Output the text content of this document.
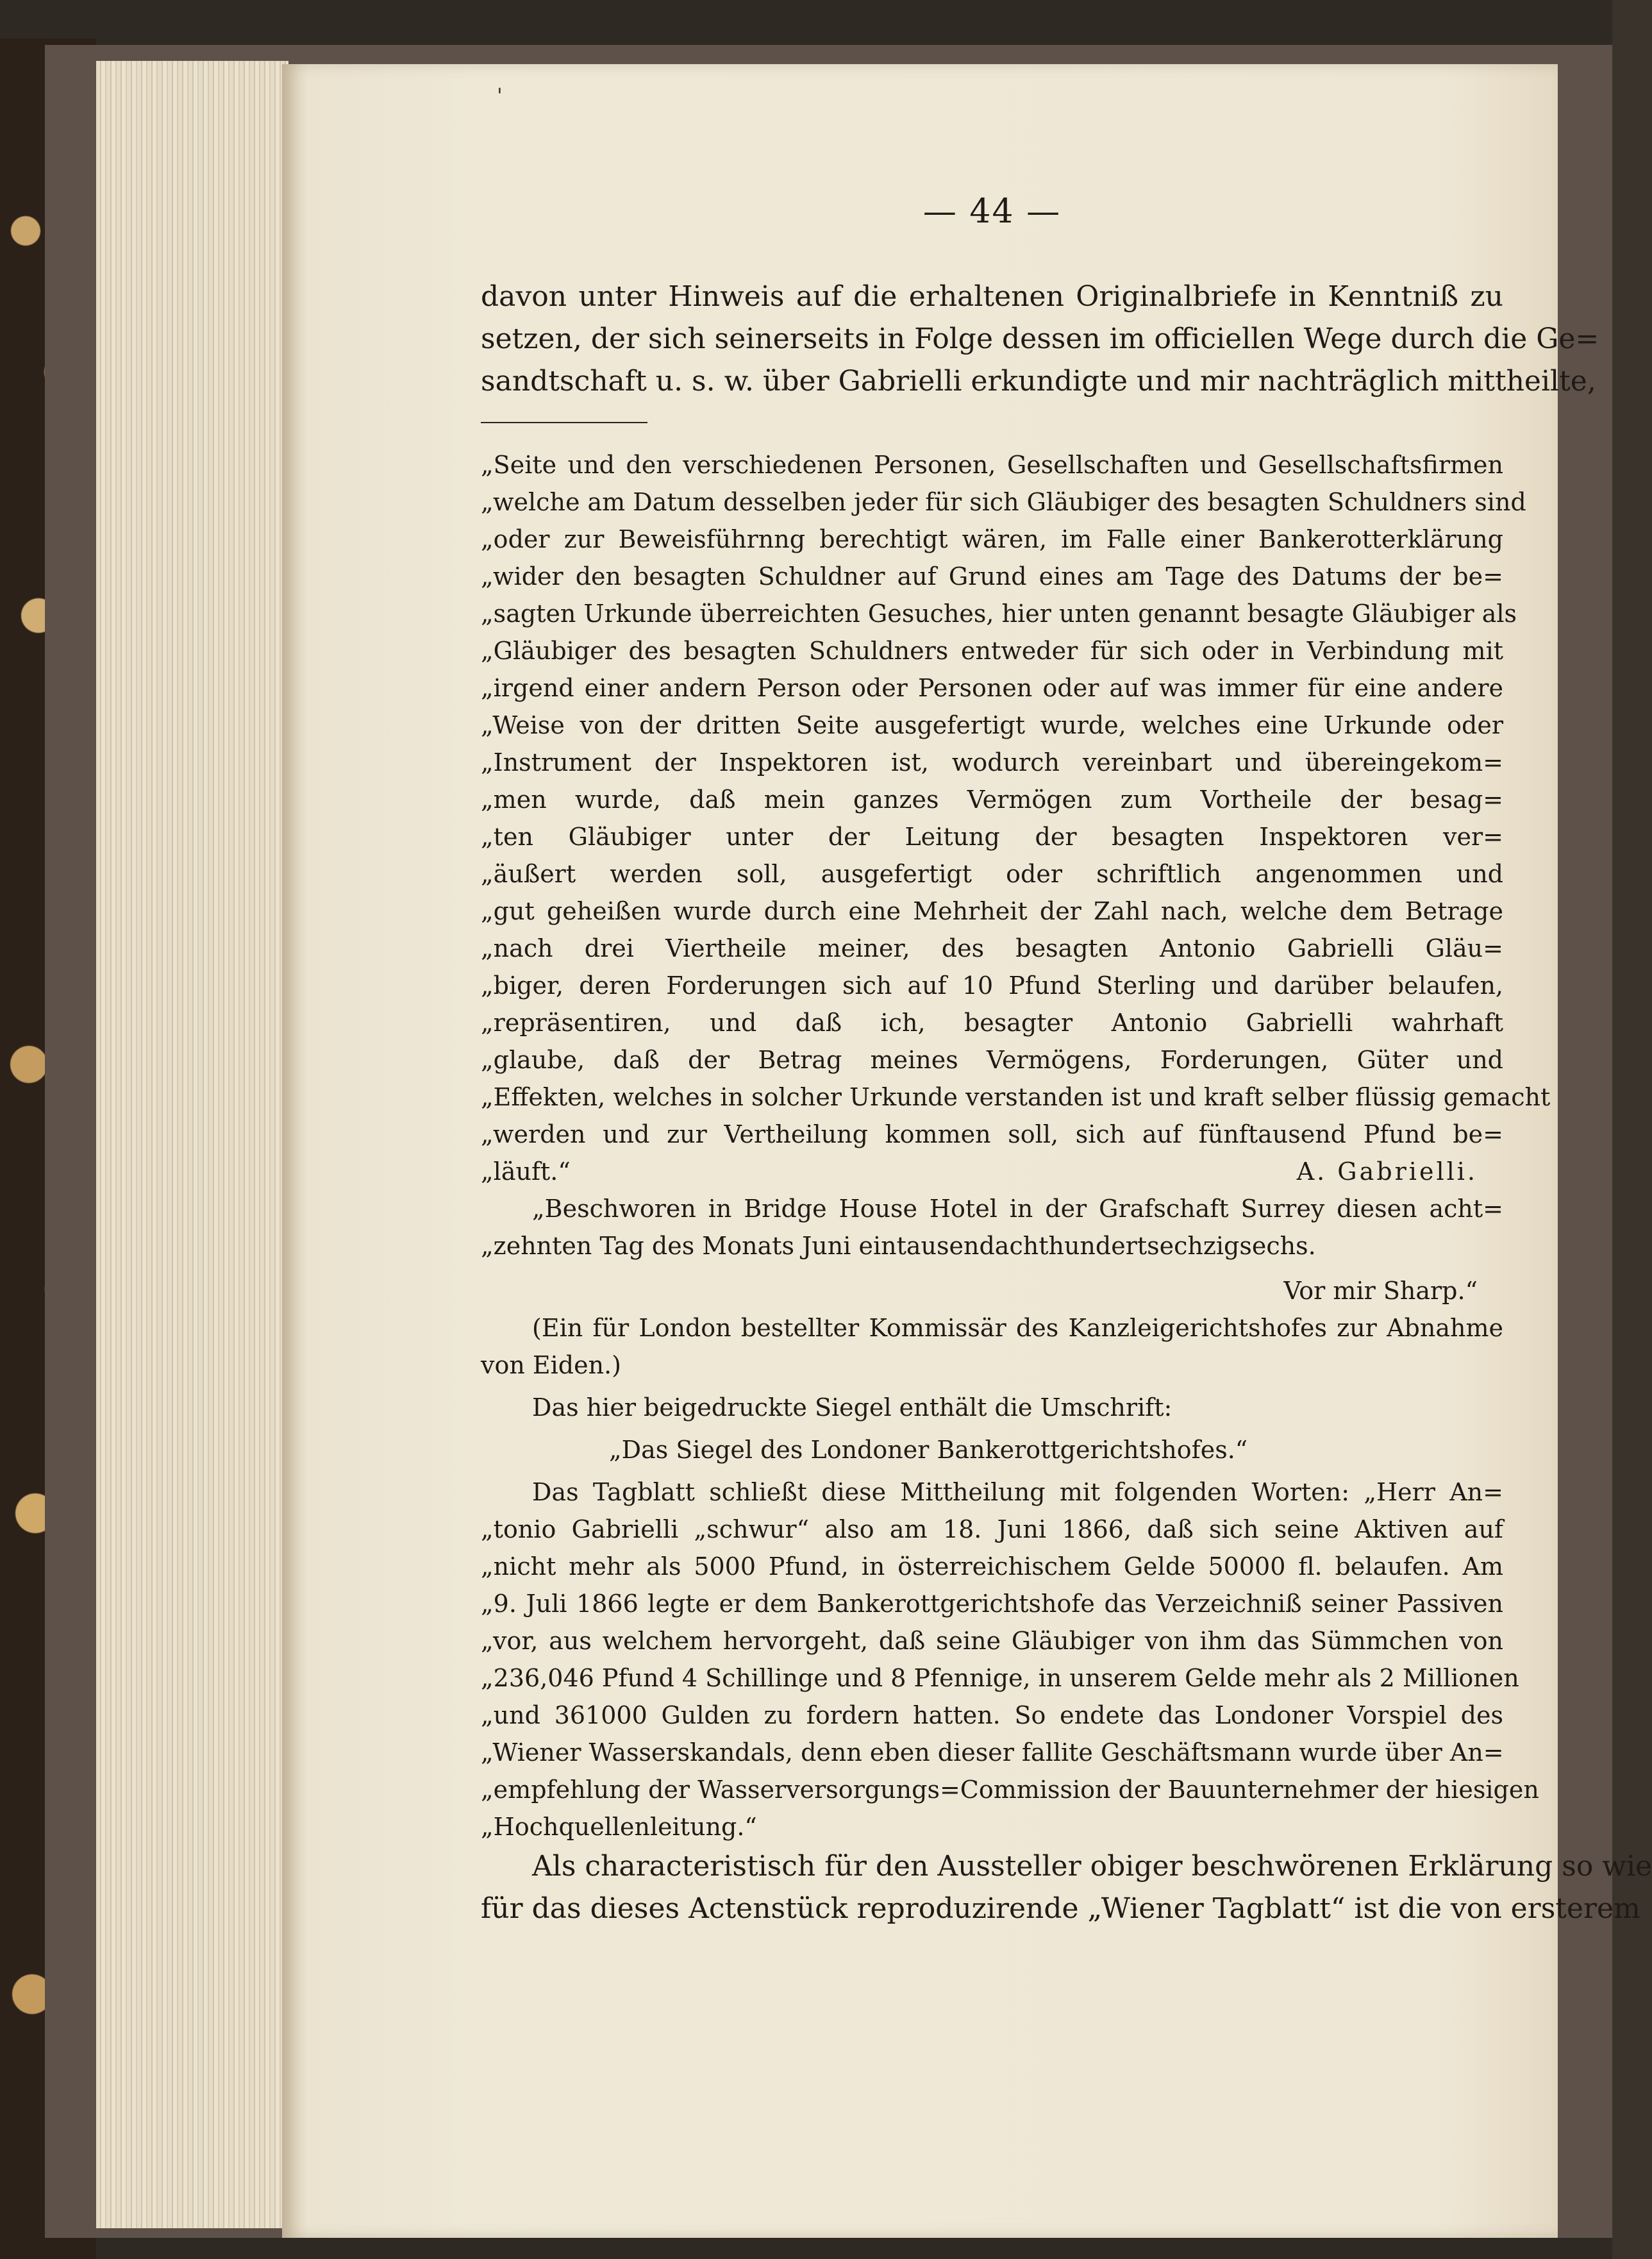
'
— 44 —
davon unter Hinweis auf die erhaltenen Originalbriefe in Kenntniß zu
setzen, der sich seinerseits in Folge dessen im officiellen Wege durch die Ge=
sandtschaft u. s. w. über Gabrielli erkundigte und mir nachträglich mittheilte,
„Seite und den verschiedenen Personen, Gesellschaften und Gesellschaftsfirmen
„welche am Datum desselben jeder für sich Gläubiger des besagten Schuldners sind
„oder zur Beweisführnng berechtigt wären, im Falle einer Bankerotterklärung
„wider den besagten Schuldner auf Grund eines am Tage des Datums der be=
„sagten Urkunde überreichten Gesuches, hier unten genannt besagte Gläubiger als
„Gläubiger des besagten Schuldners entweder für sich oder in Verbindung mit
„irgend einer andern Person oder Personen oder auf was immer für eine andere
„Weise von der dritten Seite ausgefertigt wurde, welches eine Urkunde oder
„Instrument der Inspektoren ist, wodurch vereinbart und übereingekom=
„men wurde, daß mein ganzes Vermögen zum Vortheile der besag=
„ten Gläubiger unter der Leitung der besagten Inspektoren ver=
„äußert werden soll, ausgefertigt oder schriftlich angenommen und
„gut geheißen wurde durch eine Mehrheit der Zahl nach, welche dem Betrage
„nach drei Viertheile meiner, des besagten Antonio Gabrielli Gläu=
„biger, deren Forderungen sich auf 10 Pfund Sterling und darüber belaufen,
„repräsentiren, und daß ich, besagter Antonio Gabrielli wahrhaft
„glaube, daß der Betrag meines Vermögens, Forderungen, Güter und
„Effekten, welches in solcher Urkunde verstanden ist und kraft selber flüssig gemacht
„werden und zur Vertheilung kommen soll, sich auf fünftausend Pfund be=
„läuft.“	A. Gabrielli.
„Beschworen in Bridge House Hotel in der Grafschaft Surrey diesen acht=
„zehnten Tag des Monats Juni eintausendachthundertsechzigsechs.
Vor mir Sharp.“
(Ein für London bestellter Kommissär des Kanzleigerichtshofes zur Abnahme
von Eiden.)
Das hier beigedruckte Siegel enthält die Umschrift:
„Das Siegel des Londoner Bankerottgerichtshofes.“
Das Tagblatt schließt diese Mittheilung mit folgenden Worten: „Herr An=
„tonio Gabrielli „schwur“ also am 18. Juni 1866, daß sich seine Aktiven auf
„nicht mehr als 5000 Pfund, in österreichischem Gelde 50000 fl. belaufen. Am
„9. Juli 1866 legte er dem Bankerottgerichtshofe das Verzeichniß seiner Passiven
„vor, aus welchem hervorgeht, daß seine Gläubiger von ihm das Sümmchen von
„236,046 Pfund 4 Schillinge und 8 Pfennige, in unserem Gelde mehr als 2 Millionen
„und 361000 Gulden zu fordern hatten. So endete das Londoner Vorspiel des
„Wiener Wasserskandals, denn eben dieser fallite Geschäftsmann wurde über An=
„empfehlung der Wasserversorgungs=Commission der Bauunternehmer der hiesigen
„Hochquellenleitung.“
Als characteristisch für den Aussteller obiger beschwörenen Erklärung so wie
für das dieses Actenstück reproduzirende „Wiener Tagblatt“ ist die von ersterem
